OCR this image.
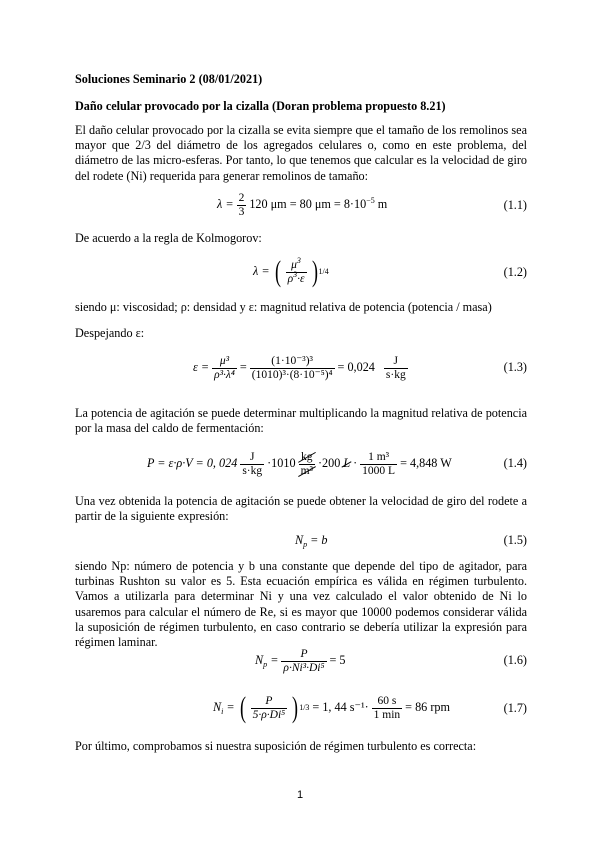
Soluciones Seminario 2 (08/01/2021)
Daño celular provocado por la cizalla (Doran problema propuesto 8.21)
El daño celular provocado por la cizalla se evita siempre que el tamaño de los remolinos sea mayor que 2/3 del diámetro de los agregados celulares o, como en este problema, del diámetro de las micro-esferas. Por tanto, lo que tenemos que calcular es la velocidad de giro del rodete (Ni) requerida para generar remolinos de tamaño:
$\lambda = \frac{2}{3} 120$ μm = 80 $\mu m = 8\cdot 10^{-5}$ m	(1.1)
De acuerdo a la regla de Kolmogorov:
λ = ( $\frac{\mu^3}{\rho^3\cdot\varepsilon}$ ) 1/4	(1.2)
siendo μ: viscosidad; ρ: densidad y ε: magnitud relativa de potencia (potencia / masa)
Despejando ε:
$\varepsilon = \frac{\text{μ³}}{\text{ρ³·λ⁴}} = \frac{\text{(1·10⁻³)³}}{\text{(1010)³·(8·10⁻⁵)⁴}} = 0,024 \frac{J}{s\cdot kg}$	(1.3)
La potencia de agitación se puede determinar multiplicando la magnitud relativa de potencia por la masa del caldo de fermentación:
P = ε·ρ·V = 0, $024 \frac{J}{s\cdot kg} \cdot 1010 \frac{kg}{\text{m³}} \cdot 200$ $L \cdot \frac{\text{1 m³}}{1000 L} = 4,848$ W	(1.4)
Una vez obtenida la potencia de agitación se puede obtener la velocidad de giro del rodete a partir de la siguiente expresión:
$N_p = b$	(1.5)
siendo Np: número de potencia y b una constante que depende del tipo de agitador, para turbinas Rushton su valor es 5. Esta ecuación empírica es válida en régimen turbulento. Vamos a utilizarla para determinar Ni y una vez calculado el valor obtenido de Ni lo usaremos para calcular el número de Re, si es mayor que 10000 podemos considerar válida la suposición de régimen turbulento, en caso contrario se debería utilizar la expresión para régimen laminar.
$N_p = \frac{P}{\text{ρ·Ni³·Di⁵}} = 5$	(1.6)
$N_i$ = ( $\frac{P}{\text{5·ρ·Di⁵}}$ ) 1/3 = 1, 44 $s^{-1}\cdot \frac{60 s}{1 \min} = 86$ rpm	(1.7)
Por último, comprobamos si nuestra suposición de régimen turbulento es correcta:
1
